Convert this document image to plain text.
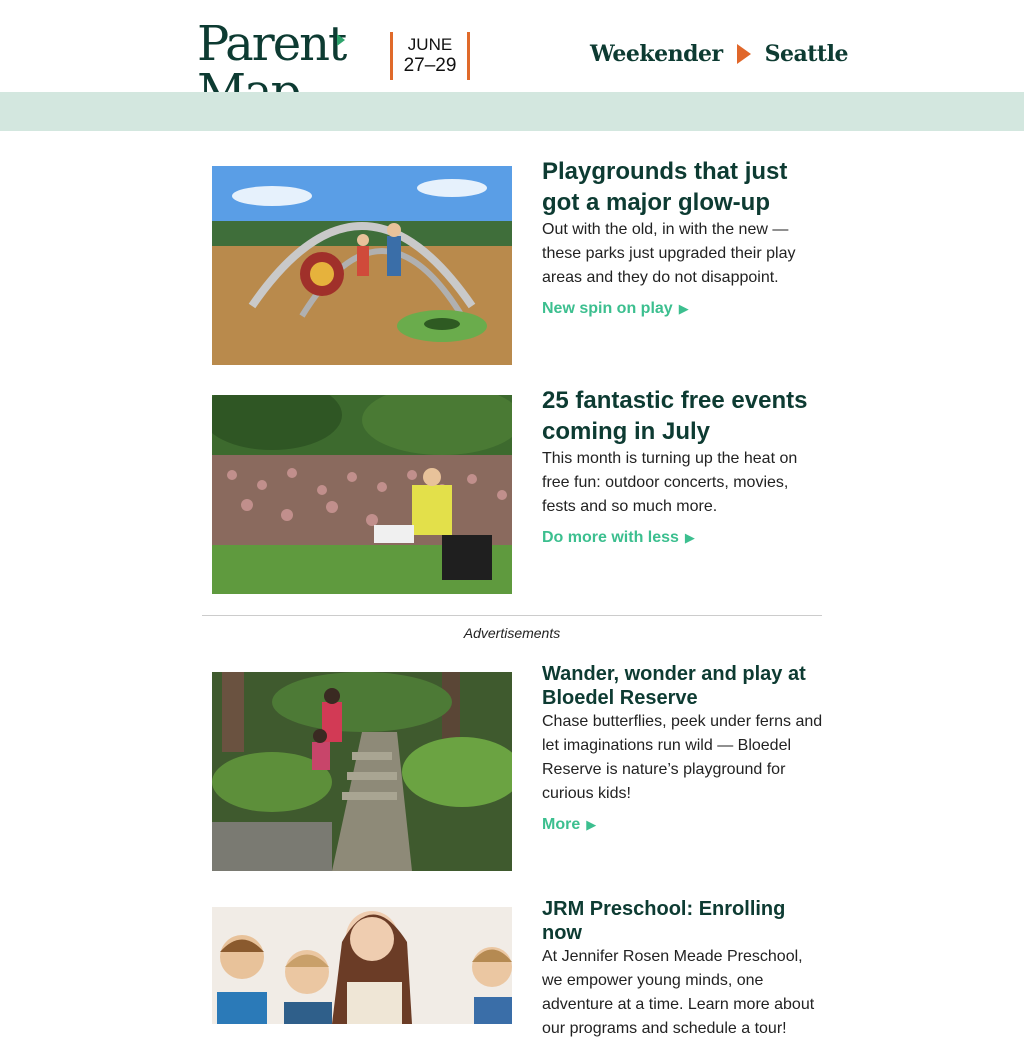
Parent	JUNE
27–29	Weekender Seattle
Playgrounds that just got a major glow-up

Out with the old, in with the new — these parks just upgraded their play areas and they do not disappoint.

New spin on play ▶
25 fantastic free events coming in July

This month is turning up the heat on free fun: outdoor concerts, movies, fests and so much more.

Do more with less ▶
Advertisements
Wander, wonder and play at Bloedel Reserve

Chase butterflies, peek under ferns and let imaginations run wild — Bloedel Reserve is nature’s playground for curious kids!

More ▶
JRM Preschool: Enrolling now

At Jennifer Rosen Meade Preschool, we empower young minds, one adventure at a time. Learn more about our programs and schedule a tour!
